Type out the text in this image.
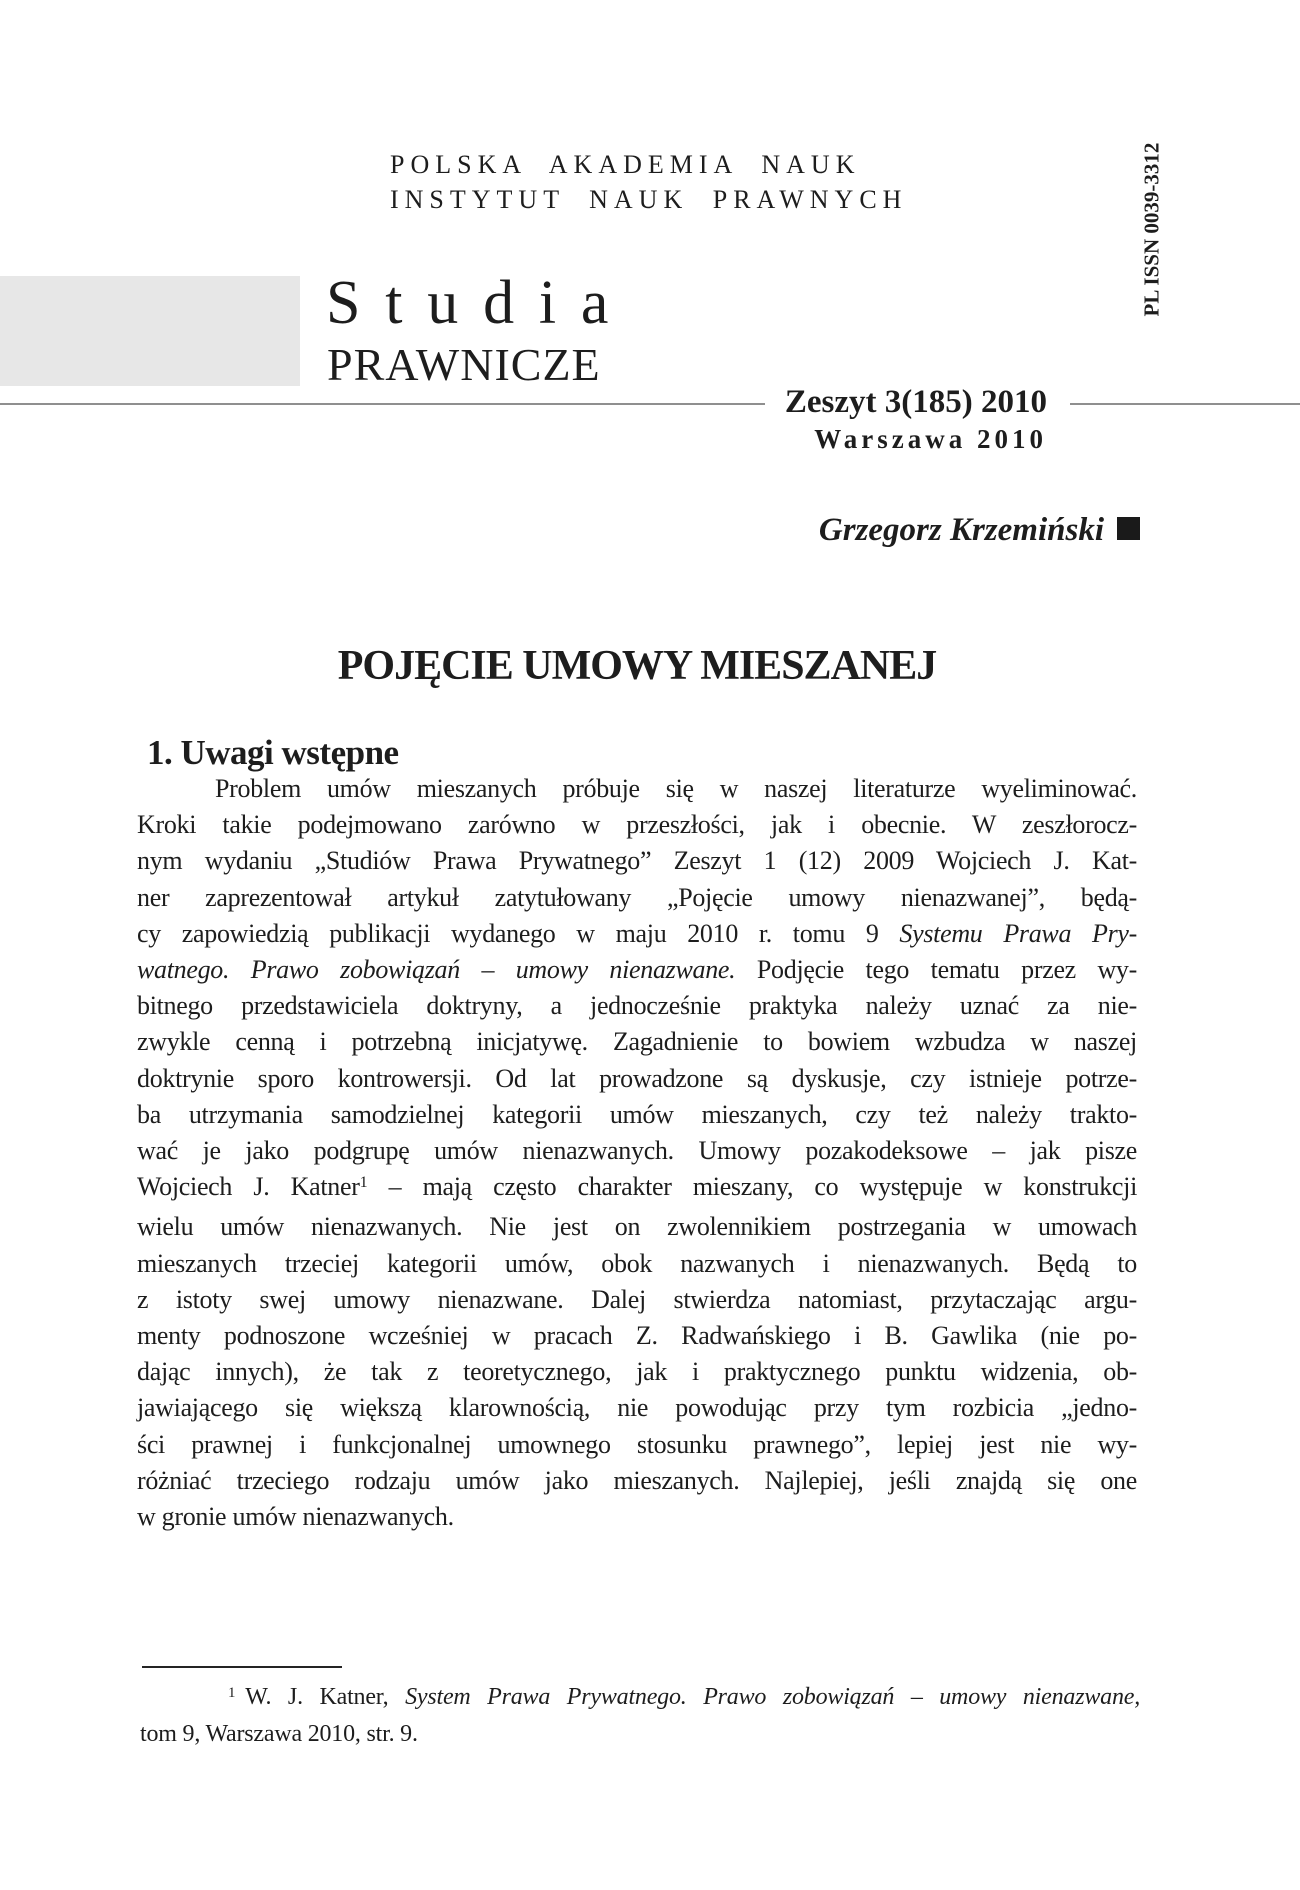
POLSKA AKADEMIA NAUK
INSTYTUT NAUK PRAWNYCH
Studia
PRAWNICZE
Zeszyt 3(185) 2010
Warszawa 2010
PL ISSN 0039-3312
Grzegorz Krzemiński
POJĘCIE UMOWY MIESZANEJ
1. Uwagi wstępne
Problem umów mieszanych próbuje się w naszej literaturze wyeliminować.
Kroki takie podejmowano zarówno w przeszłości, jak i obecnie. W zeszłorocz-
nym wydaniu „Studiów Prawa Prywatnego” Zeszyt 1 (12) 2009 Wojciech J. Kat-
ner zaprezentował artykuł zatytułowany „Pojęcie umowy nienazwanej”, będą-
cy zapowiedzią publikacji wydanego w maju 2010 r. tomu 9 Systemu Prawa Pry-
watnego. Prawo zobowiązań – umowy nienazwane. Podjęcie tego tematu przez wy-
bitnego przedstawiciela doktryny, a jednocześnie praktyka należy uznać za nie-
zwykle cenną i potrzebną inicjatywę. Zagadnienie to bowiem wzbudza w naszej
doktrynie sporo kontrowersji. Od lat prowadzone są dyskusje, czy istnieje potrze-
ba utrzymania samodzielnej kategorii umów mieszanych, czy też należy trakto-
wać je jako podgrupę umów nienazwanych. Umowy pozakodeksowe – jak pisze
Wojciech J. Katner$^1$ – mają często charakter mieszany, co występuje w konstrukcji
wielu umów nienazwanych. Nie jest on zwolennikiem postrzegania w umowach
mieszanych trzeciej kategorii umów, obok nazwanych i nienazwanych. Będą to
z istoty swej umowy nienazwane. Dalej stwierdza natomiast, przytaczając argu-
menty podnoszone wcześniej w pracach Z. Radwańskiego i B. Gawlika (nie po-
dając innych), że tak z teoretycznego, jak i praktycznego punktu widzenia, ob-
jawiającego się większą klarownością, nie powodując przy tym rozbicia „jedno-
ści prawnej i funkcjonalnej umownego stosunku prawnego”, lepiej jest nie wy-
różniać trzeciego rodzaju umów jako mieszanych. Najlepiej, jeśli znajdą się one
w gronie umów nienazwanych.
$^1$ W. J. Katner, System Prawa Prywatnego. Prawo zobowiązań – umowy nienazwane,
tom 9, Warszawa 2010, str. 9.
